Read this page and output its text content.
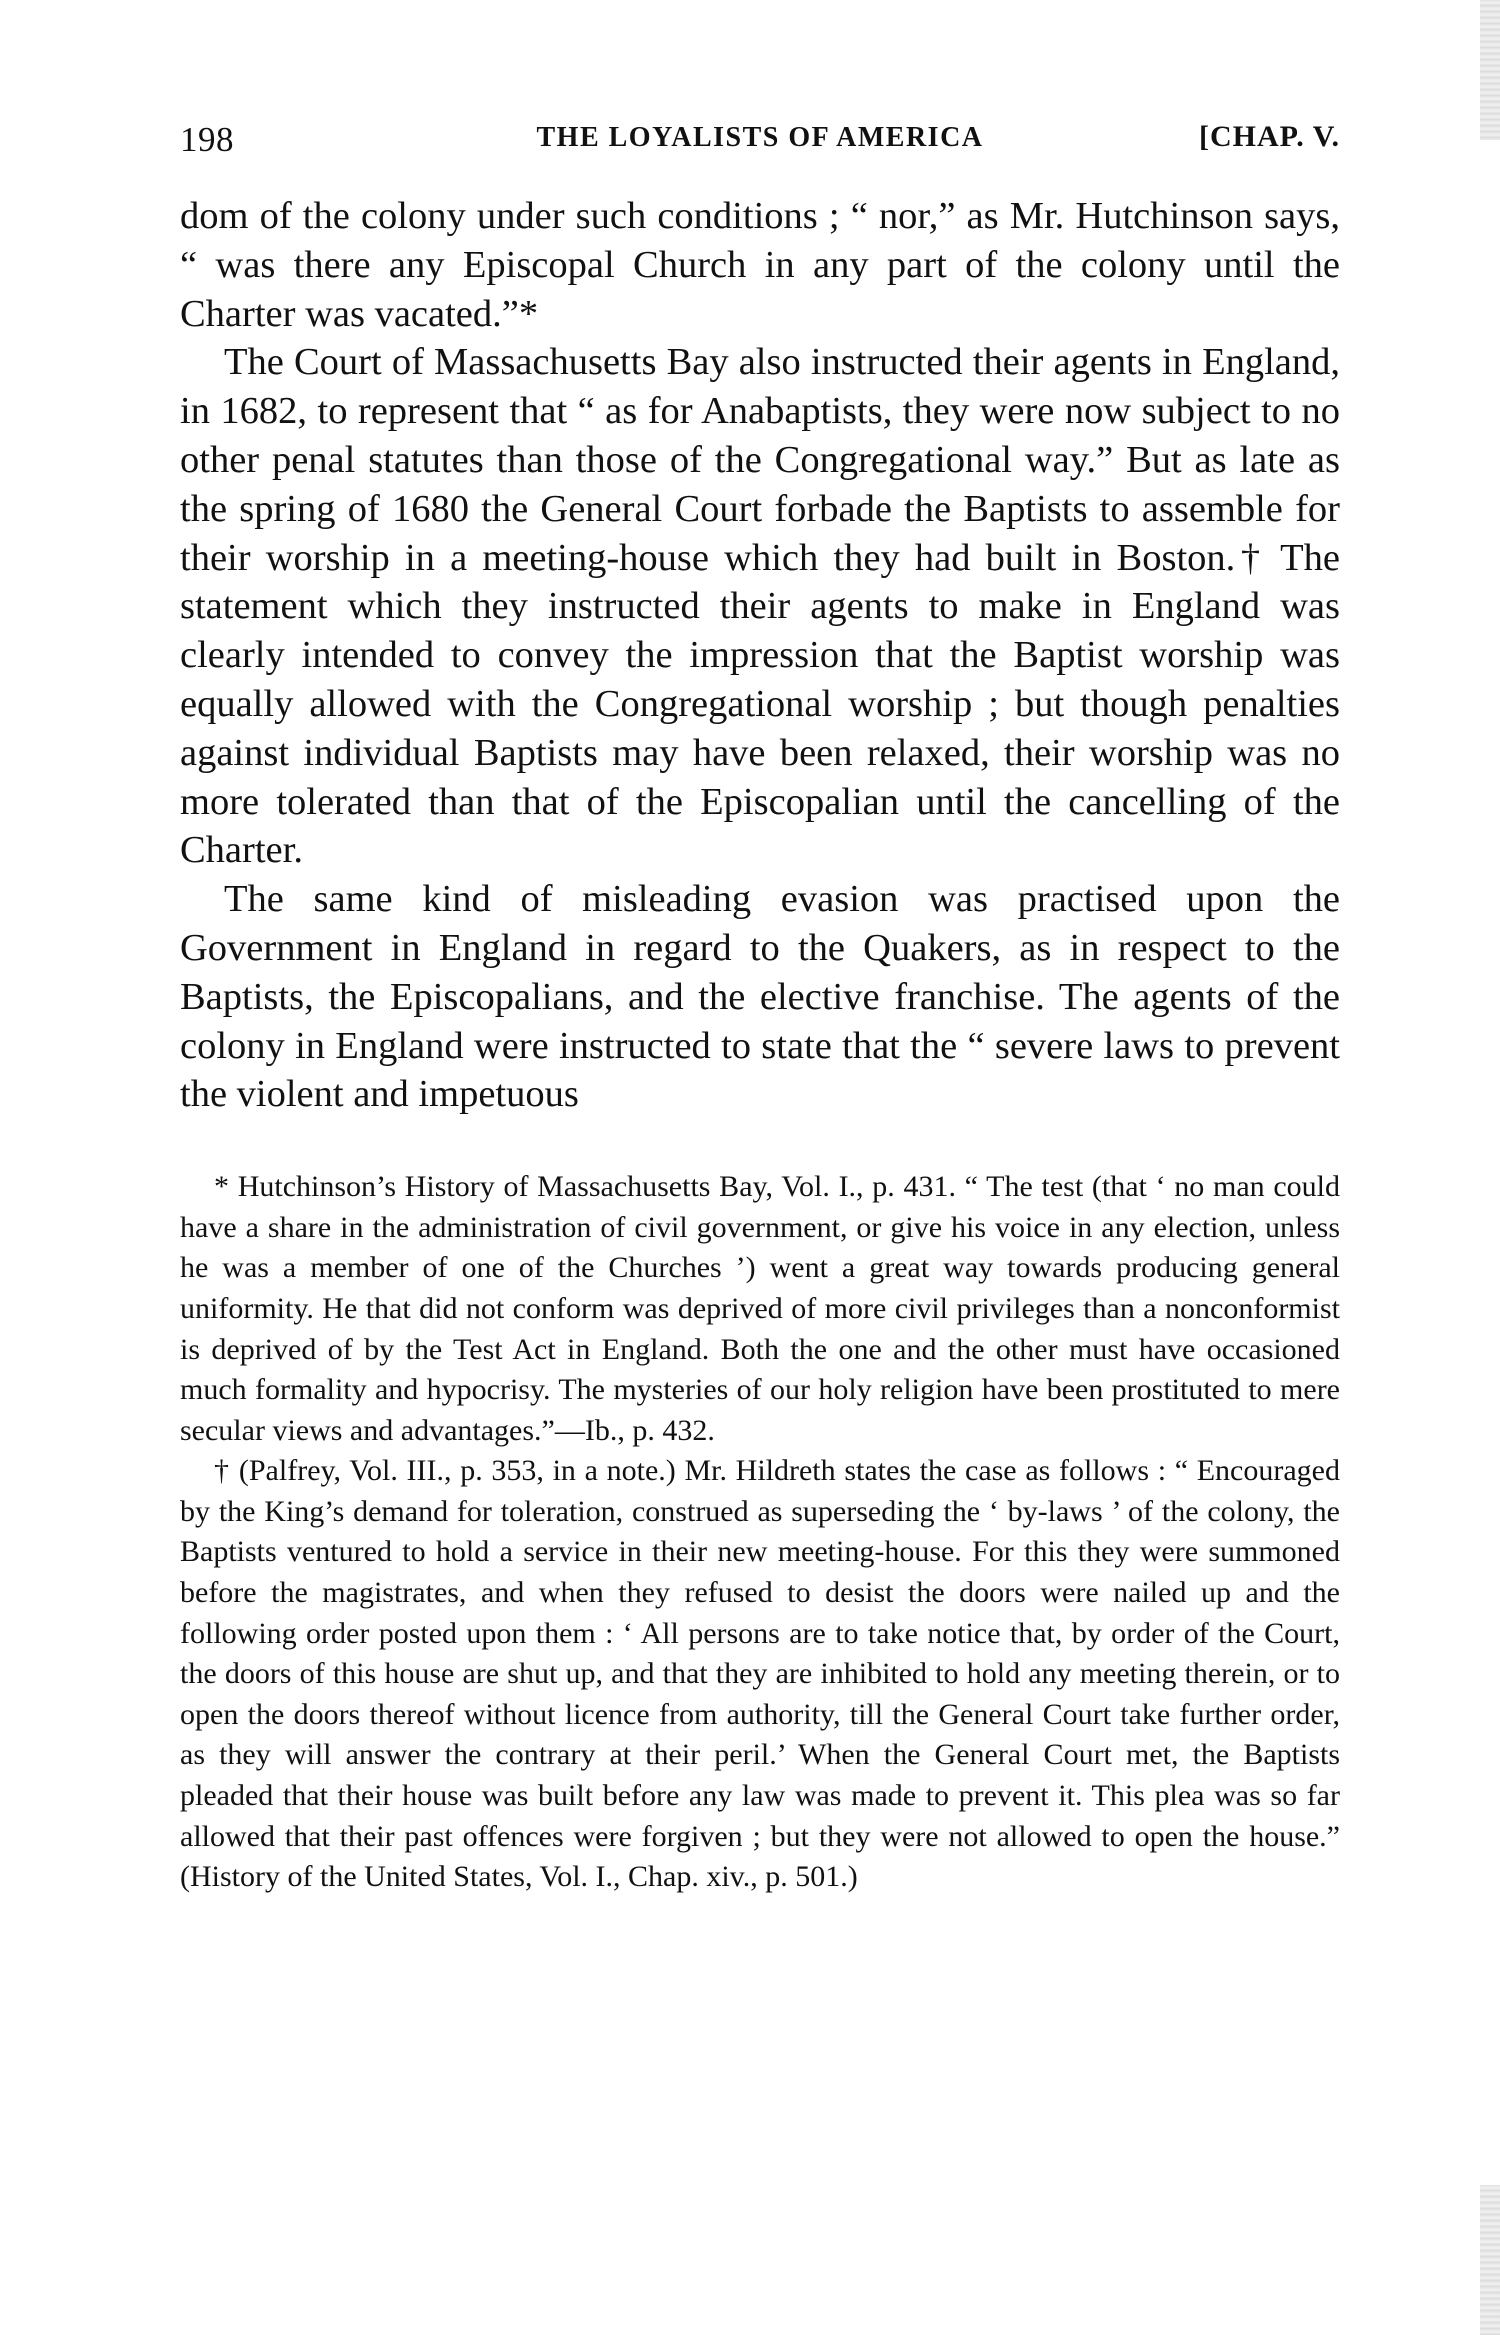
198	THE LOYALISTS OF AMERICA	[CHAP. V.

dom of the colony under such conditions ; “ nor,” as Mr. Hutchinson says, “ was there any Episcopal Church in any part of the colony until the Charter was vacated.”*

The Court of Massachusetts Bay also instructed their agents in England, in 1682, to represent that “ as for Anabaptists, they were now subject to no other penal statutes than those of the Congregational way.” But as late as the spring of 1680 the General Court forbade the Baptists to assemble for their worship in a meeting-house which they had built in Boston.† The statement which they instructed their agents to make in England was clearly intended to convey the impression that the Baptist worship was equally allowed with the Congregational worship ; but though penalties against individual Baptists may have been relaxed, their worship was no more tolerated than that of the Episcopalian until the cancelling of the Charter.

The same kind of misleading evasion was practised upon the Government in England in regard to the Quakers, as in respect to the Baptists, the Episcopalians, and the elective franchise. The agents of the colony in England were instructed to state that the “ severe laws to prevent the violent and impetuous

* Hutchinson’s History of Massachusetts Bay, Vol. I., p. 431. “ The test (that ‘ no man could have a share in the administration of civil government, or give his voice in any election, unless he was a member of one of the Churches ’) went a great way towards producing general uniformity. He that did not conform was deprived of more civil privileges than a nonconformist is deprived of by the Test Act in England. Both the one and the other must have occasioned much formality and hypocrisy. The mysteries of our holy religion have been prostituted to mere secular views and advantages.”—Ib., p. 432.

† (Palfrey, Vol. III., p. 353, in a note.) Mr. Hildreth states the case as follows : “ Encouraged by the King’s demand for toleration, construed as superseding the ‘ by-laws ’ of the colony, the Baptists ventured to hold a service in their new meeting-house. For this they were summoned before the magistrates, and when they refused to desist the doors were nailed up and the following order posted upon them : ‘ All persons are to take notice that, by order of the Court, the doors of this house are shut up, and that they are inhibited to hold any meeting therein, or to open the doors thereof without licence from authority, till the General Court take further order, as they will answer the contrary at their peril.’ When the General Court met, the Baptists pleaded that their house was built before any law was made to prevent it. This plea was so far allowed that their past offences were forgiven ; but they were not allowed to open the house.” (History of the United States, Vol. I., Chap. xiv., p. 501.)
